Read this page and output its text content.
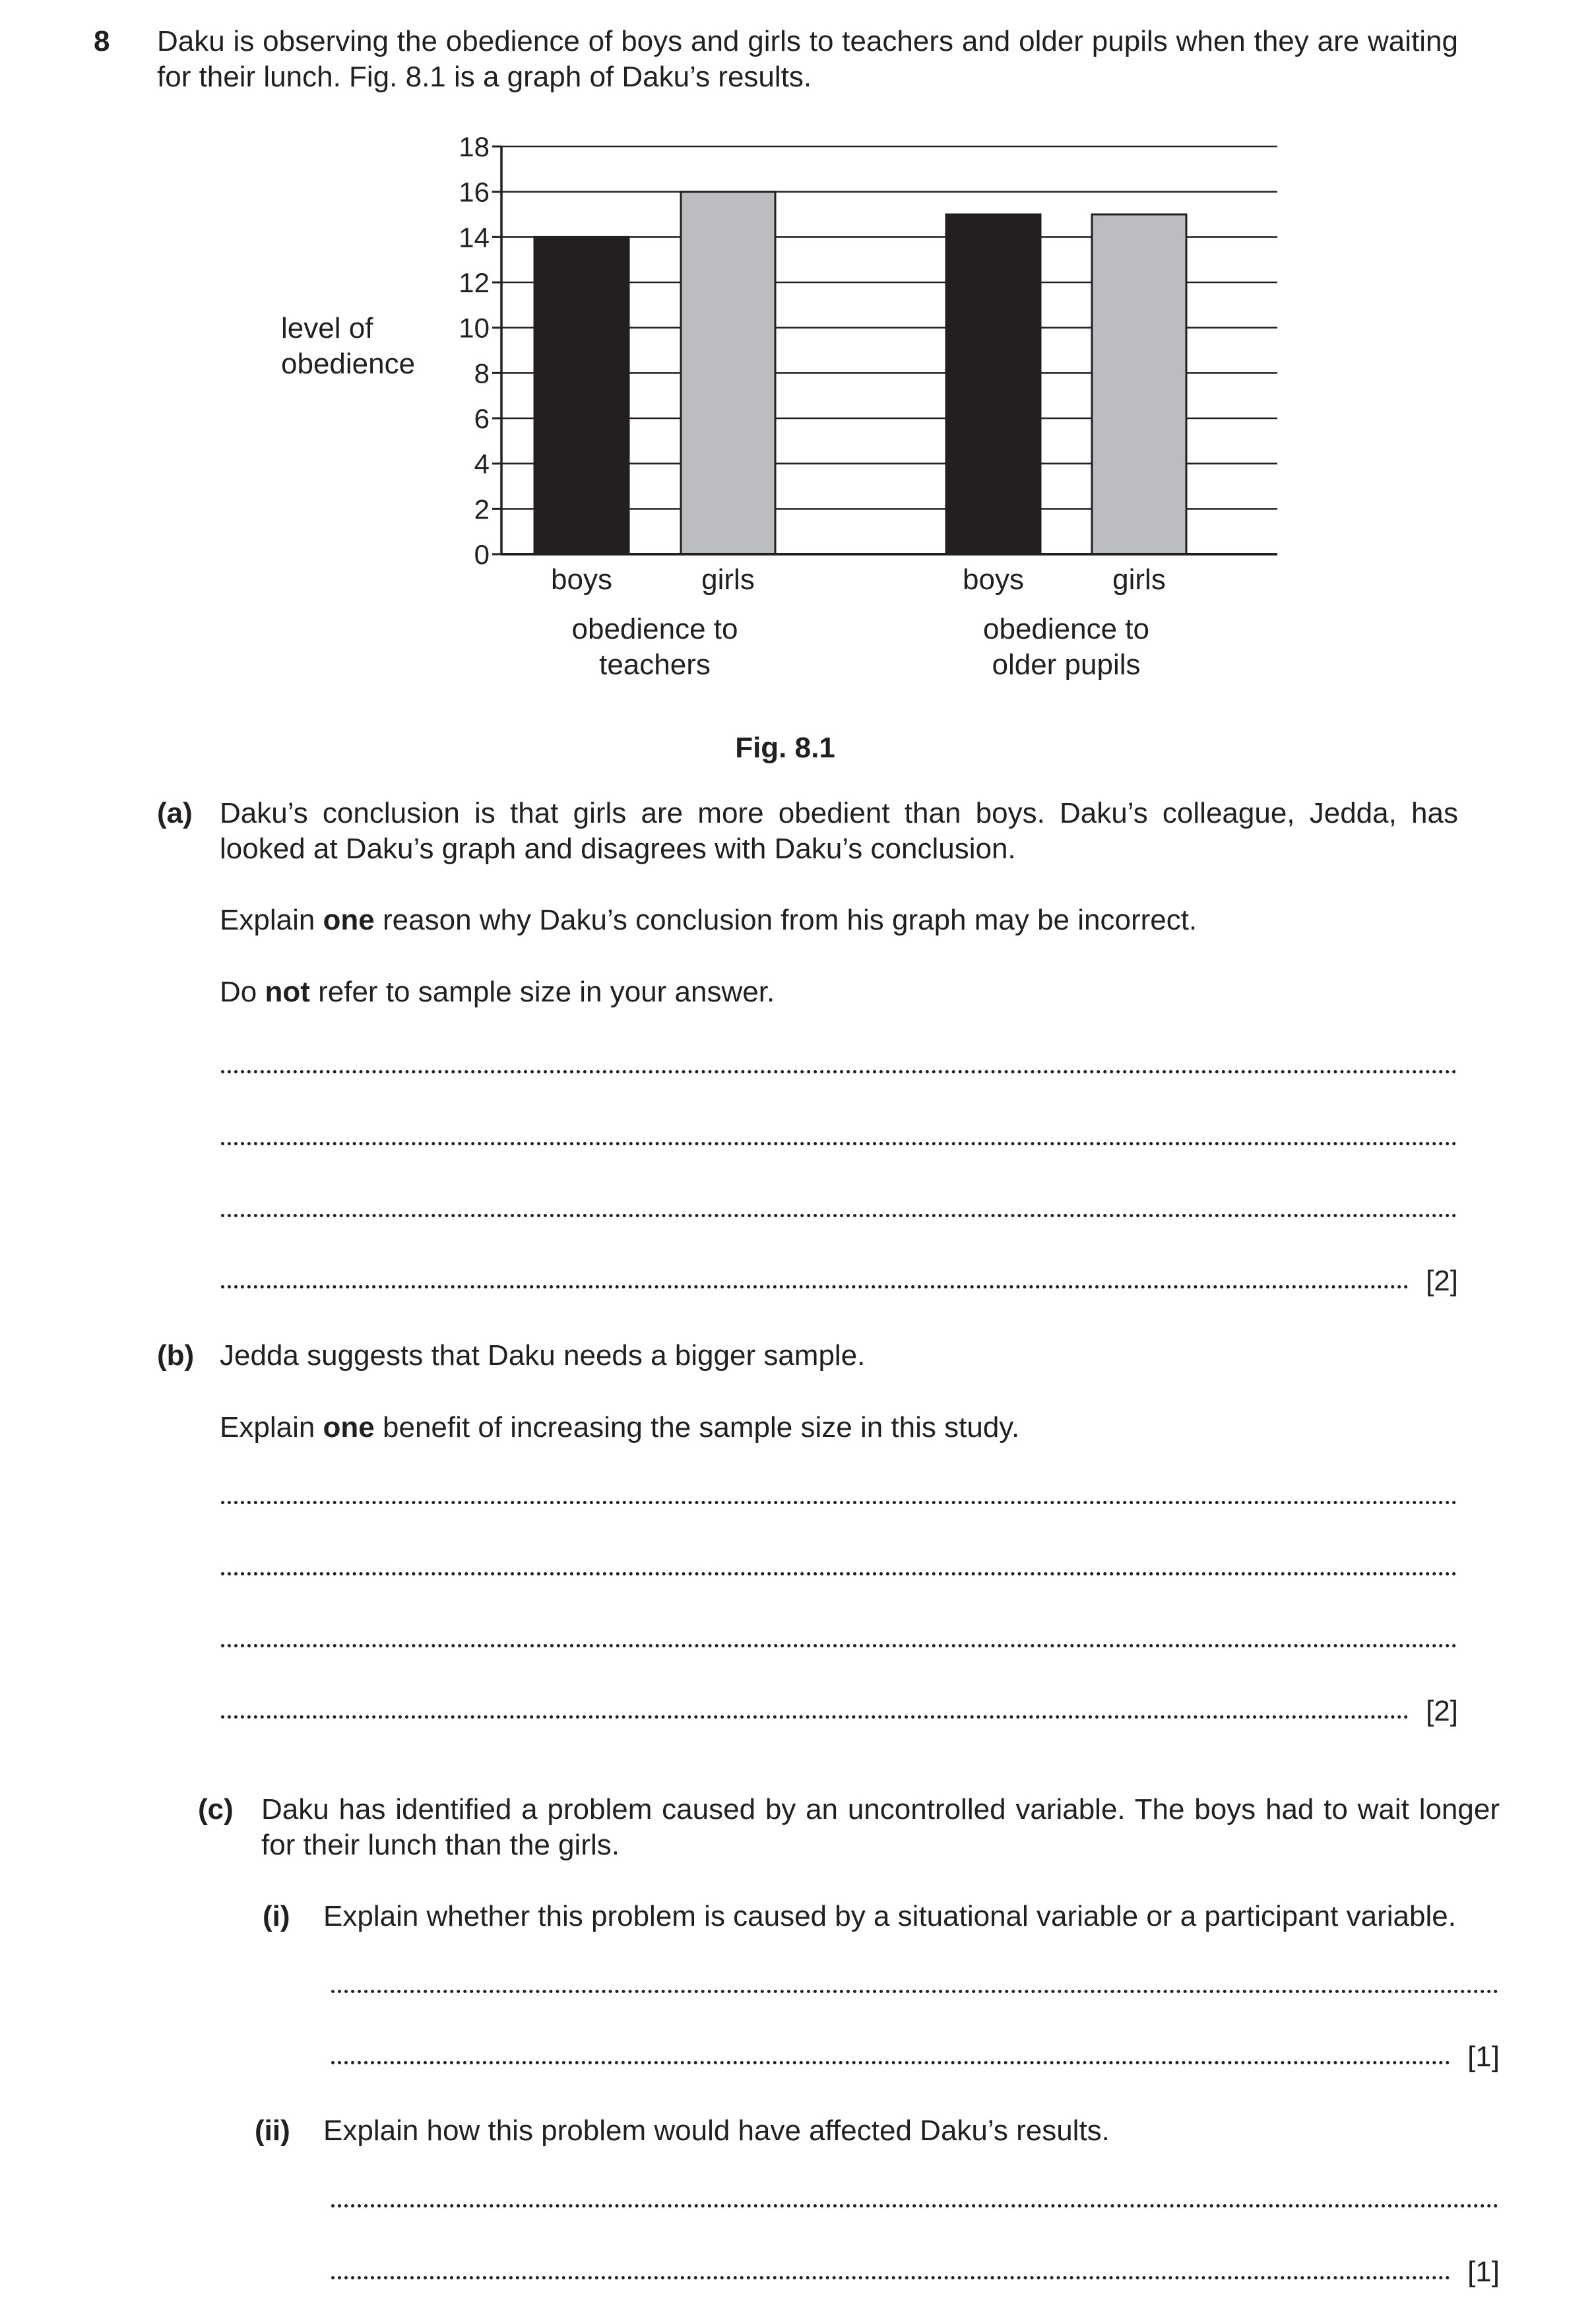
8 Daku is observing the obedience of boys and girls to teachers and older pupils when they are waiting for their lunch. Fig. 8.1 is a graph of Daku’s results.
0
2
4
6
8
10
12
14
16
18
boys	girls
obedience to
teachers
boys	girls
obedience to
older pupils
level of
obedience
Fig. 8.1
(a) Daku’s conclusion is that girls are more obedient than boys. Daku’s colleague, Jedda, has looked at Daku’s graph and disagrees with Daku’s conclusion.
Explain one reason why Daku’s conclusion from his graph may be incorrect.
Do not refer to sample size in your answer.
[2]
(b) Jedda suggests that Daku needs a bigger sample.
Explain one benefit of increasing the sample size in this study.
[2]
(c) Daku has identified a problem caused by an uncontrolled variable. The boys had to wait longer for their lunch than the girls.
(i) Explain whether this problem is caused by a situational variable or a participant variable.
[1]
(ii) Explain how this problem would have affected Daku’s results.
[1]
